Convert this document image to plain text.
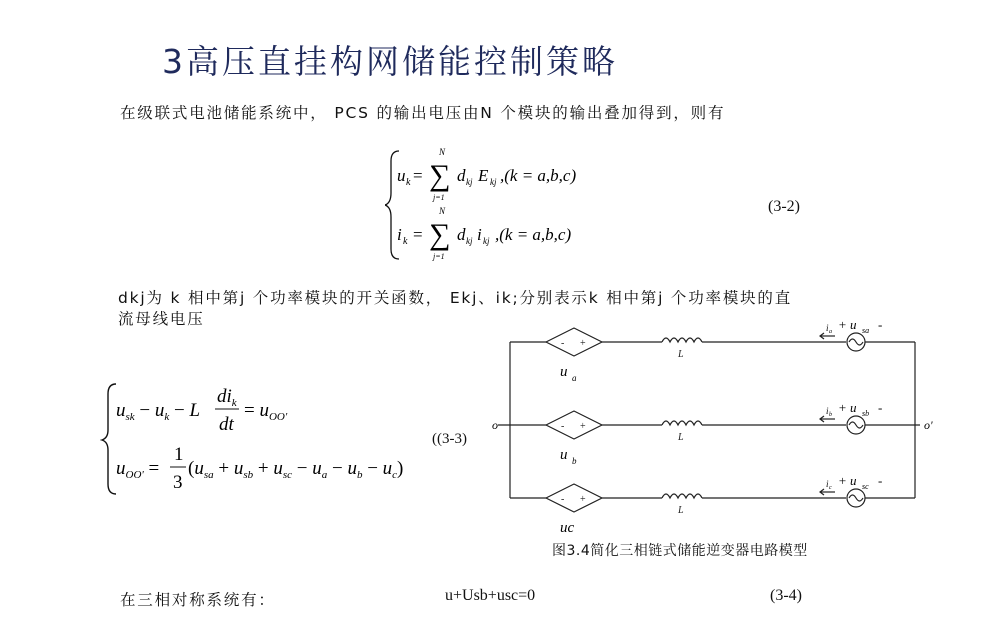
3高压直挂构网储能控制策略
在级联式电池储能系统中， PCS 的输出电压由N 个模块的输出叠加得到，则有
u k =
N
∑
j=1
d kj E kj ,(k = a,b,c)
i k =
N
∑
j=1
d kj i kj ,(k = a,b,c)
(3-2)
dkj为 k 相中第j 个功率模块的开关函数， Ekj、ik;分别表示k 相中第j 个功率模块的直
流母线电压
$u_{sk} - u_k - L$
$di_k$
dt
= $u_{OO'}$
$u_{OO'}$ =
1
3
$(u_{sa} + u_{sb} + u_{sc} - u_a - u_b - u_c)$
((3-3)
- +
- +
- +
L
L
L
u a
u b
uc
o	o'
+ u sa -
+ u sb -
+ u sc -
i a
i b
i c
图3.4简化三相链式储能逆变器电路模型
在三相对称系统有：	u+Usb+usc=0	(3-4)
